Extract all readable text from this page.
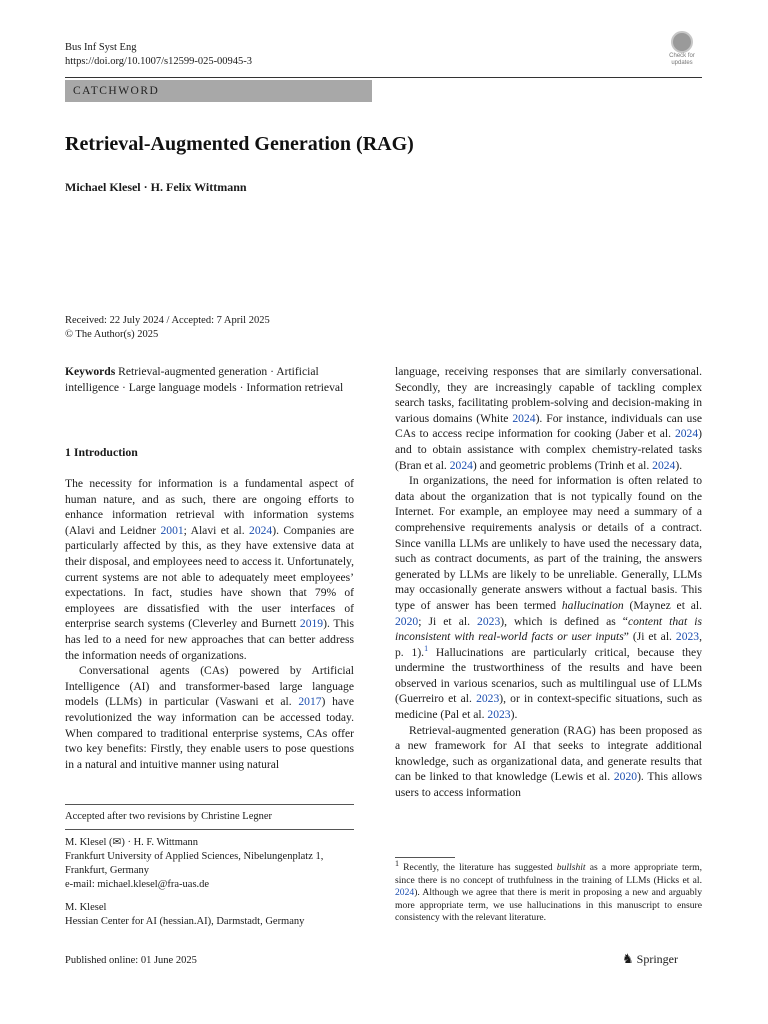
Bus Inf Syst Eng
https://doi.org/10.1007/s12599-025-00945-3	Check for
updates
CATCHWORD
Retrieval-Augmented Generation (RAG)
Michael Klesel · H. Felix Wittmann
Received: 22 July 2024 / Accepted: 7 April 2025
© The Author(s) 2025
Keywords Retrieval-augmented generation · Artificial intelligence · Large language models · Information retrieval
1 Introduction

The necessity for information is a fundamental aspect of human nature, and as such, there are ongoing efforts to enhance information retrieval with information systems (Alavi and Leidner 2001; Alavi et al. 2024). Companies are particularly affected by this, as they have extensive data at their disposal, and employees need to access it. Unfortunately, current systems are not able to adequately meet employees’ expectations. In fact, studies have shown that 79% of employees are dissatisfied with the user interfaces of enterprise search systems (Cleverley and Burnett 2019). This has led to a need for new approaches that can better address the information needs of organizations.

Conversational agents (CAs) powered by Artificial Intelligence (AI) and transformer-based large language models (LLMs) in particular (Vaswani et al. 2017) have revolutionized the way information can be accessed today. When compared to traditional enterprise systems, CAs offer two key benefits: Firstly, they enable users to pose questions in a natural and intuitive manner using natural

Accepted after two revisions by Christine Legner
M. Klesel (✉) · H. F. Wittmann
Frankfurt University of Applied Sciences, Nibelungenplatz 1,
Frankfurt, Germany
e-mail: michael.klesel@fra-uas.de
M. Klesel
Hessian Center for AI (hessian.AI), Darmstadt, Germany

language, receiving responses that are similarly conversational. Secondly, they are increasingly capable of tackling complex search tasks, facilitating problem-solving and decision-making in various domains (White 2024). For instance, individuals can use CAs to access recipe information for cooking (Jaber et al. 2024) and to obtain assistance with complex chemistry-related tasks (Bran et al. 2024) and geometric problems (Trinh et al. 2024).

In organizations, the need for information is often related to data about the organization that is not typically found on the Internet. For example, an employee may need a summary of a comprehensive requirements analysis or details of a contract. Since vanilla LLMs are unlikely to have used the necessary data, such as contract documents, as part of the training, the answers generated by LLMs are likely to be unreliable. Generally, LLMs may occasionally generate answers without a factual basis. This type of answer has been termed hallucination (Maynez et al. 2020; Ji et al. 2023), which is defined as “content that is inconsistent with real-world facts or user inputs” (Ji et al. 2023, p. 1).$^1$ Hallucinations are particularly critical, because they undermine the trustworthiness of the results and have been observed in various scenarios, such as multilingual use of LLMs (Guerreiro et al. 2023), or in context-specific situations, such as medicine (Pal et al. 2023).

Retrieval-augmented generation (RAG) has been proposed as a new framework for AI that seeks to integrate additional knowledge, such as organizational data, and generate results that can be linked to that knowledge (Lewis et al. 2020). This allows users to access information

$^1$ Recently, the literature has suggested bullshit as a more appropriate term, since there is no concept of truthfulness in the training of LLMs (Hicks et al. 2024). Although we agree that there is merit in proposing a new and arguably more appropriate term, we use hallucinations in this manuscript to ensure consistency with the relevant literature.

Published online: 01 June 2025	♞ Springer
